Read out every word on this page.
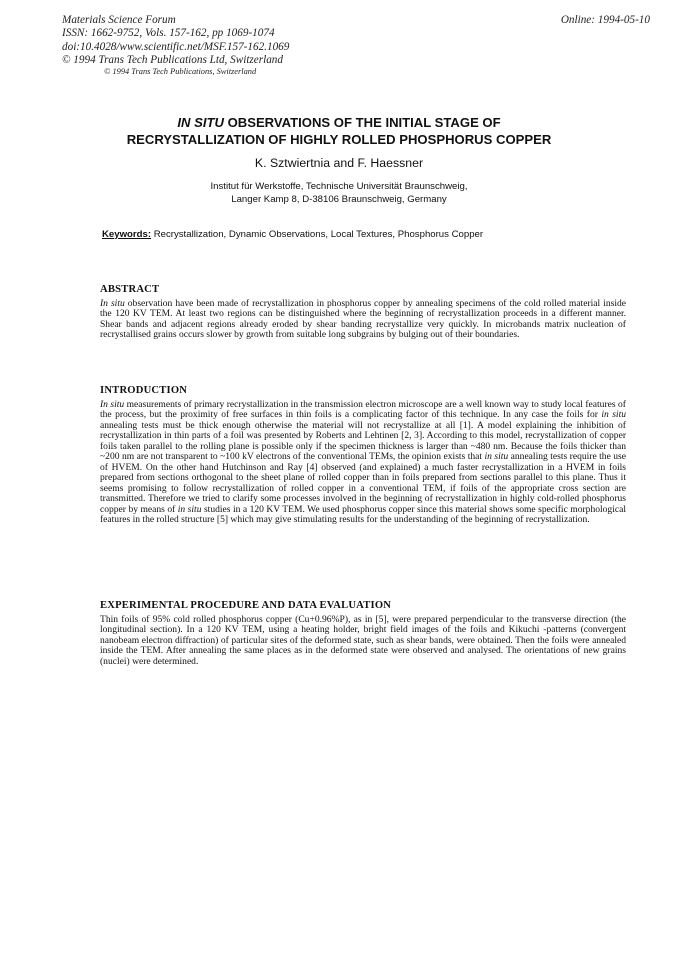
Materials Science Forum
ISSN: 1662-9752, Vols. 157-162, pp 1069-1074
doi:10.4028/www.scientific.net/MSF.157-162.1069
© 1994 Trans Tech Publications Ltd, Switzerland
Online: 1994-05-10
© 1994 Trans Tech Publications, Switzerland
IN SITU OBSERVATIONS OF THE INITIAL STAGE OF
RECRYSTALLIZATION OF HIGHLY ROLLED PHOSPHORUS COPPER
K. Sztwiertnia and F. Haessner
Institut für Werkstoffe, Technische Universität Braunschweig,
Langer Kamp 8, D-38106 Braunschweig, Germany
Keywords: Recrystallization, Dynamic Observations, Local Textures, Phosphorus Copper
ABSTRACT

In situ observation have been made of recrystallization in phosphorus copper by annealing specimens of the cold rolled material inside the 120 KV TEM. At least two regions can be distinguished where the beginning of recrystallization proceeds in a different manner. Shear bands and adjacent regions already eroded by shear banding recrystallize very quickly. In microbands matrix nucleation of recrystallised grains occurs slower by growth from suitable long subgrains by bulging out of their boundaries.

INTRODUCTION

In situ measurements of primary recrystallization in the transmission electron microscope are a well known way to study local features of the process, but the proximity of free surfaces in thin foils is a complicating factor of this technique. In any case the foils for in situ annealing tests must be thick enough otherwise the material will not recrystallize at all [1]. A model explaining the inhibition of recrystallization in thin parts of a foil was presented by Roberts and Lehtinen [2, 3]. According to this model, recrystallization of copper foils taken parallel to the rolling plane is possible only if the specimen thickness is larger than ~480 nm. Because the foils thicker than ~200 nm are not transparent to ~100 kV electrons of the conventional TEMs, the opinion exists that in situ annealing tests require the use of HVEM. On the other hand Hutchinson and Ray [4] observed (and explained) a much faster recrystallization in a HVEM in foils prepared from sections orthogonal to the sheet plane of rolled copper than in foils prepared from sections parallel to this plane. Thus it seems promising to follow recrystallization of rolled copper in a conventional TEM, if foils of the appropriate cross section are transmitted. Therefore we tried to clarify some processes involved in the beginning of recrystallization in highly cold-rolled phosphorus copper by means of in situ studies in a 120 KV TEM. We used phosphorus copper since this material shows some specific morphological features in the rolled structure [5] which may give stimulating results for the understanding of the beginning of recrystallization.

EXPERIMENTAL PROCEDURE AND DATA EVALUATION

Thin foils of 95% cold rolled phosphorus copper (Cu+0.96%P), as in [5], were prepared perpendicular to the transverse direction (the longitudinal section). In a 120 KV TEM, using a heating holder, bright field images of the foils and Kikuchi -patterns (convergent nanobeam electron diffraction) of particular sites of the deformed state, such as shear bands, were obtained. Then the foils were annealed inside the TEM. After annealing the same places as in the deformed state were observed and analysed. The orientations of new grains (nuclei) were determined.
